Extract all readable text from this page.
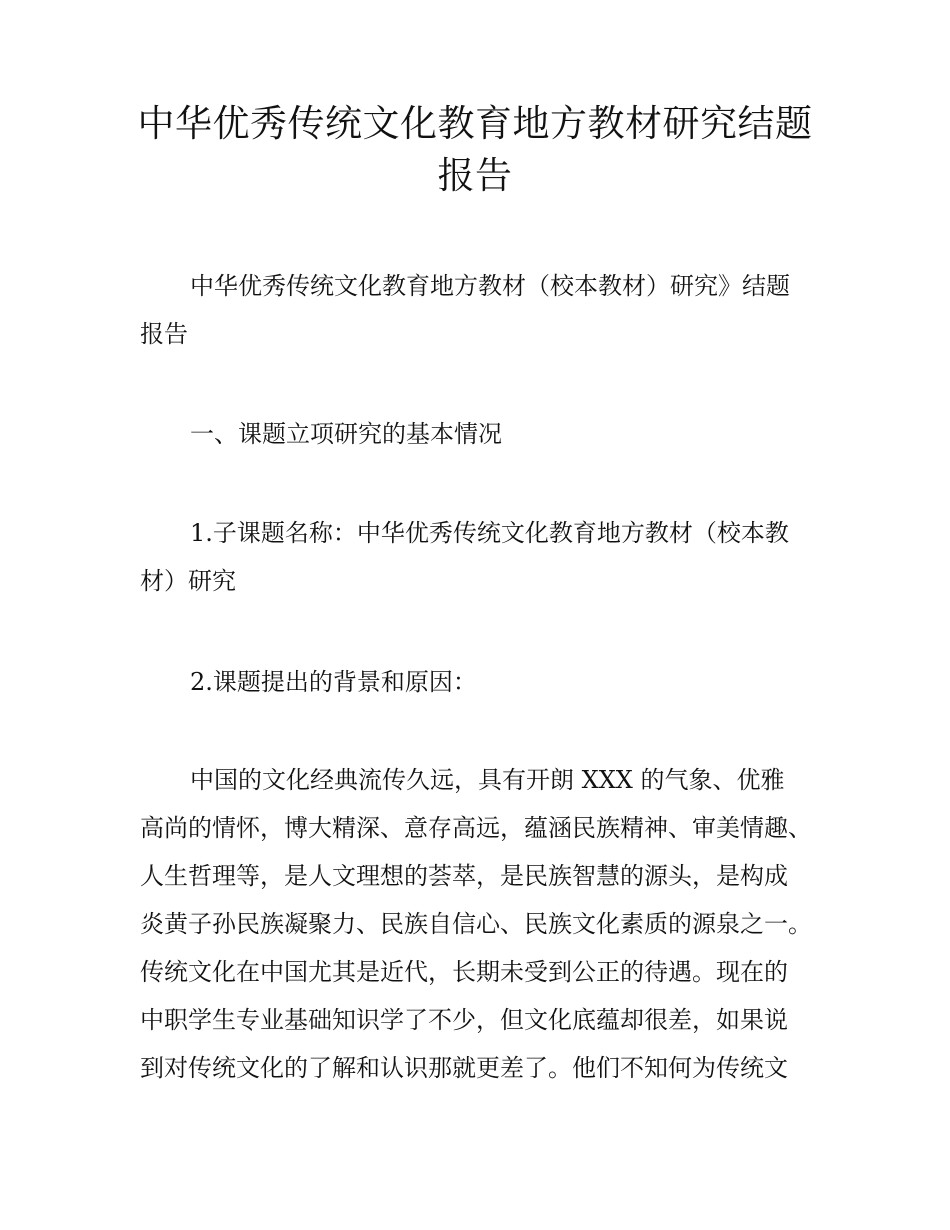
中华优秀传统文化教育地方教材研究结题
报告

中华优秀传统文化教育地方教材（校本教材）研究》结题
报告

一、课题立项研究的基本情况

1.子课题名称：中华优秀传统文化教育地方教材（校本教
材）研究

2.课题提出的背景和原因：

中国的文化经典流传久远，具有开朗 XXX 的气象、优雅
高尚的情怀，博大精深、意存高远，蕴涵民族精神、审美情趣、
人生哲理等，是人文理想的荟萃，是民族智慧的源头，是构成
炎黄子孙民族凝聚力、民族自信心、民族文化素质的源泉之一。
传统文化在中国尤其是近代，长期未受到公正的待遇。现在的
中职学生专业基础知识学了不少，但文化底蕴却很差，如果说
到对传统文化的了解和认识那就更差了。他们不知何为传统文
